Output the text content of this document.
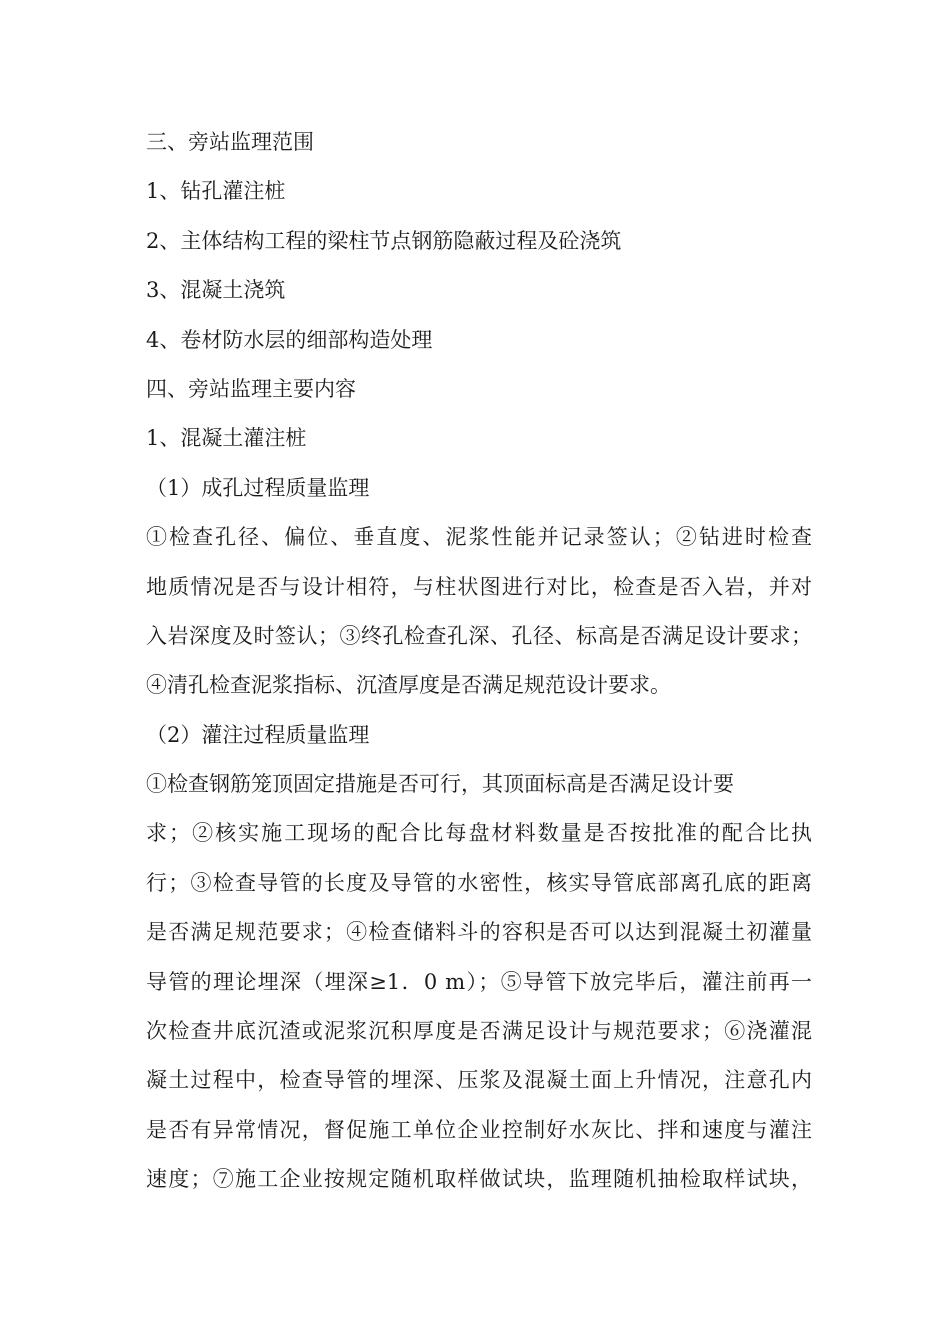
三、旁站监理范围
1、钻孔灌注桩
2、主体结构工程的梁柱节点钢筋隐蔽过程及砼浇筑
3、混凝土浇筑
4、卷材防水层的细部构造处理
四、旁站监理主要内容
1、混凝土灌注桩
（1）成孔过程质量监理
①检查孔径、偏位、垂直度、泥浆性能并记录签认；②钻进时检查
地质情况是否与设计相符，与柱状图进行对比，检查是否入岩，并对
入岩深度及时签认；③终孔检查孔深、孔径、标高是否满足设计要求；
④清孔检查泥浆指标、沉渣厚度是否满足规范设计要求。
（2）灌注过程质量监理
①检查钢筋笼顶固定措施是否可行，其顶面标高是否满足设计要
求；②核实施工现场的配合比每盘材料数量是否按批准的配合比执
行；③检查导管的长度及导管的水密性，核实导管底部离孔底的距离
是否满足规范要求；④检查储料斗的容积是否可以达到混凝土初灌量
导管的理论埋深（埋深≥1．0 m）；⑤导管下放完毕后，灌注前再一
次检查井底沉渣或泥浆沉积厚度是否满足设计与规范要求；⑥浇灌混
凝土过程中，检查导管的埋深、压浆及混凝土面上升情况，注意孔内
是否有异常情况，督促施工单位企业控制好水灰比、拌和速度与灌注
速度；⑦施工企业按规定随机取样做试块，监理随机抽检取样试块，
